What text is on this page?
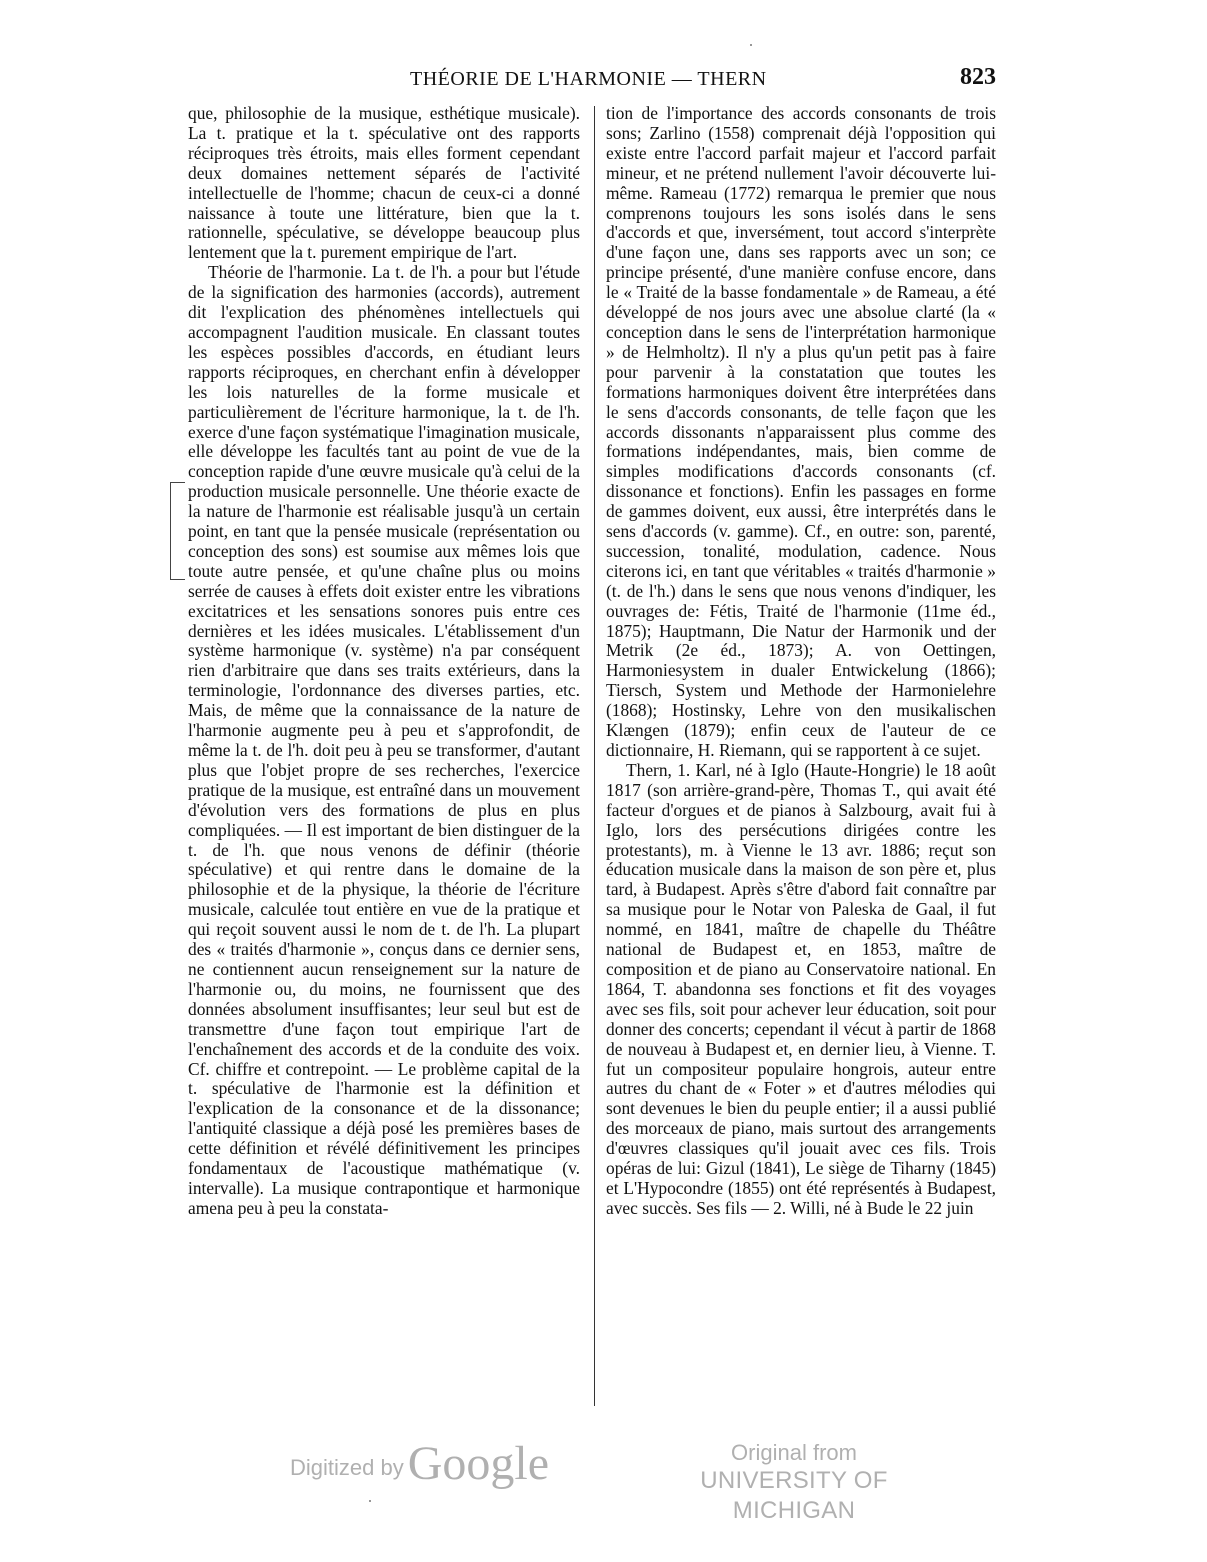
THÉORIE DE L'HARMONIE — THERN	823

que, philosophie de la musique, esthétique musicale). La t. pratique et la t. spéculative ont des rapports réciproques très étroits, mais elles forment cependant deux domaines nettement séparés de l'activité intellectuelle de l'homme; chacun de ceux-ci a donné naissance à toute une littérature, bien que la t. rationnelle, spéculative, se développe beaucoup plus lentement que la t. purement empirique de l'art.

Théorie de l'harmonie. La t. de l'h. a pour but l'étude de la signification des harmonies (accords), autrement dit l'explication des phénomènes intellectuels qui accompagnent l'audition musicale. En classant toutes les espèces possibles d'accords, en étudiant leurs rapports réciproques, en cherchant enfin à développer les lois naturelles de la forme musicale et particulièrement de l'écriture harmonique, la t. de l'h. exerce d'une façon systématique l'imagination musicale, elle développe les facultés tant au point de vue de la conception rapide d'une œuvre musicale qu'à celui de la production musicale personnelle. Une théorie exacte de la nature de l'harmonie est réalisable jusqu'à un certain point, en tant que la pensée musicale (représentation ou conception des sons) est soumise aux mêmes lois que toute autre pensée, et qu'une chaîne plus ou moins serrée de causes à effets doit exister entre les vibrations excitatrices et les sensations sonores puis entre ces dernières et les idées musicales. L'établissement d'un système harmonique (v. système) n'a par conséquent rien d'arbitraire que dans ses traits extérieurs, dans la terminologie, l'ordonnance des diverses parties, etc. Mais, de même que la connaissance de la nature de l'harmonie augmente peu à peu et s'approfondit, de même la t. de l'h. doit peu à peu se transformer, d'autant plus que l'objet propre de ses recherches, l'exercice pratique de la musique, est entraîné dans un mouvement d'évolution vers des formations de plus en plus compliquées. — Il est important de bien distinguer de la t. de l'h. que nous venons de définir (théorie spéculative) et qui rentre dans le domaine de la philosophie et de la physique, la théorie de l'écriture musicale, calculée tout entière en vue de la pratique et qui reçoit souvent aussi le nom de t. de l'h. La plupart des « traités d'harmonie », conçus dans ce dernier sens, ne contiennent aucun renseignement sur la nature de l'harmonie ou, du moins, ne fournissent que des données absolument insuffisantes; leur seul but est de transmettre d'une façon tout empirique l'art de l'enchaînement des accords et de la conduite des voix. Cf. chiffre et contrepoint. — Le problème capital de la t. spéculative de l'harmonie est la définition et l'explication de la consonance et de la dissonance; l'antiquité classique a déjà posé les premières bases de cette définition et révélé définitivement les principes fondamentaux de l'acoustique mathématique (v. intervalle). La musique contrapontique et harmonique amena peu à peu la constata-

tion de l'importance des accords consonants de trois sons; Zarlino (1558) comprenait déjà l'opposition qui existe entre l'accord parfait majeur et l'accord parfait mineur, et ne prétend nullement l'avoir découverte lui-même. Rameau (1772) remarqua le premier que nous comprenons toujours les sons isolés dans le sens d'accords et que, inversément, tout accord s'interprète d'une façon une, dans ses rapports avec un son; ce principe présenté, d'une manière confuse encore, dans le « Traité de la basse fondamentale » de Rameau, a été développé de nos jours avec une absolue clarté (la « conception dans le sens de l'interprétation harmonique » de Helmholtz). Il n'y a plus qu'un petit pas à faire pour parvenir à la constatation que toutes les formations harmoniques doivent être interprétées dans le sens d'accords consonants, de telle façon que les accords dissonants n'apparaissent plus comme des formations indépendantes, mais, bien comme de simples modifications d'accords consonants (cf. dissonance et fonctions). Enfin les passages en forme de gammes doivent, eux aussi, être interprétés dans le sens d'accords (v. gamme). Cf., en outre: son, parenté, succession, tonalité, modulation, cadence. Nous citerons ici, en tant que véritables « traités d'harmonie » (t. de l'h.) dans le sens que nous venons d'indiquer, les ouvrages de: Fétis, Traité de l'harmonie (11me éd., 1875); Hauptmann, Die Natur der Harmonik und der Metrik (2e éd., 1873); A. von Oettingen, Harmoniesystem in dualer Entwickelung (1866); Tiersch, System und Methode der Harmonielehre (1868); Hostinsky, Lehre von den musikalischen Klængen (1879); enfin ceux de l'auteur de ce dictionnaire, H. Riemann, qui se rapportent à ce sujet.

Thern, 1. Karl, né à Iglo (Haute-Hongrie) le 18 août 1817 (son arrière-grand-père, Thomas T., qui avait été facteur d'orgues et de pianos à Salzbourg, avait fui à Iglo, lors des persécutions dirigées contre les protestants), m. à Vienne le 13 avr. 1886; reçut son éducation musicale dans la maison de son père et, plus tard, à Budapest. Après s'être d'abord fait connaître par sa musique pour le Notar von Paleska de Gaal, il fut nommé, en 1841, maître de chapelle du Théâtre national de Budapest et, en 1853, maître de composition et de piano au Conservatoire national. En 1864, T. abandonna ses fonctions et fit des voyages avec ses fils, soit pour achever leur éducation, soit pour donner des concerts; cependant il vécut à partir de 1868 de nouveau à Budapest et, en dernier lieu, à Vienne. T. fut un compositeur populaire hongrois, auteur entre autres du chant de « Foter » et d'autres mélodies qui sont devenues le bien du peuple entier; il a aussi publié des morceaux de piano, mais surtout des arrangements d'œuvres classiques qu'il jouait avec ces fils. Trois opéras de lui: Gizul (1841), Le siège de Tiharny (1845) et L'Hypocondre (1855) ont été représentés à Budapest, avec succès. Ses fils — 2. Willi, né à Bude le 22 juin

Digitized by Google	Original from
UNIVERSITY OF MICHIGAN
